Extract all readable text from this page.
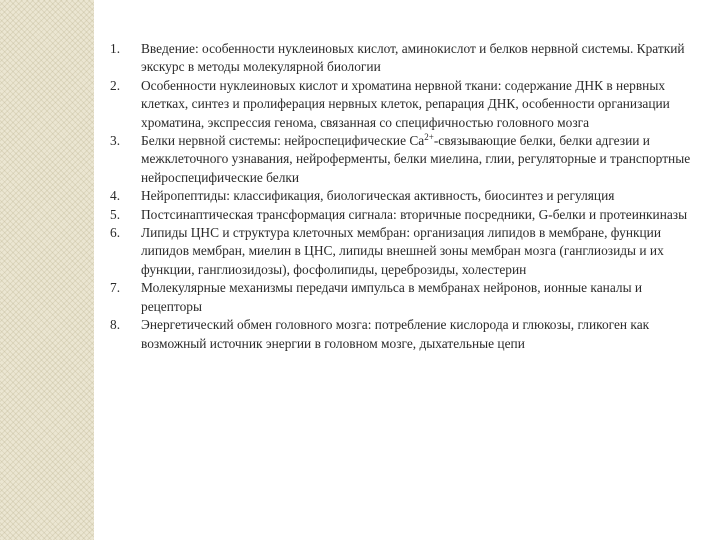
1.	Введение: особенности нуклеиновых кислот, аминокислот и белков нервной системы. Краткий экскурс в методы молекулярной биологии
2.	Особенности нуклеиновых кислот и хроматина нервной ткани: содержание ДНК в нервных клетках, синтез и пролиферация нервных клеток, репарация ДНК, особенности организации хроматина, экспрессия генома, связанная со специфичностью головного мозга
3.	Белки нервной системы: нейроспецифические $Са^{2+}$-связывающие белки, белки адгезии и межклеточного узнавания, нейроферменты, белки миелина, глии, регуляторные и транспортные нейроспецифические белки
4.	Нейропептиды: классификация, биологическая активность, биосинтез и регуляция
5.	Постсинаптическая трансформация сигнала: вторичные посредники, G-белки и протеинкиназы
6.	Липиды ЦНС и структура клеточных мембран: организация липидов в мембране, функции липидов мембран, миелин в ЦНС, липиды внешней зоны мембран мозга (ганглиозиды и их функции, ганглиозидозы), фосфолипиды, цереброзиды, холестерин
7.	Молекулярные механизмы передачи импульса в мембранах нейронов, ионные каналы и рецепторы
8.	Энергетический обмен головного мозга: потребление кислорода и глюкозы, гликоген как возможный источник энергии в головном мозге, дыхательные цепи
